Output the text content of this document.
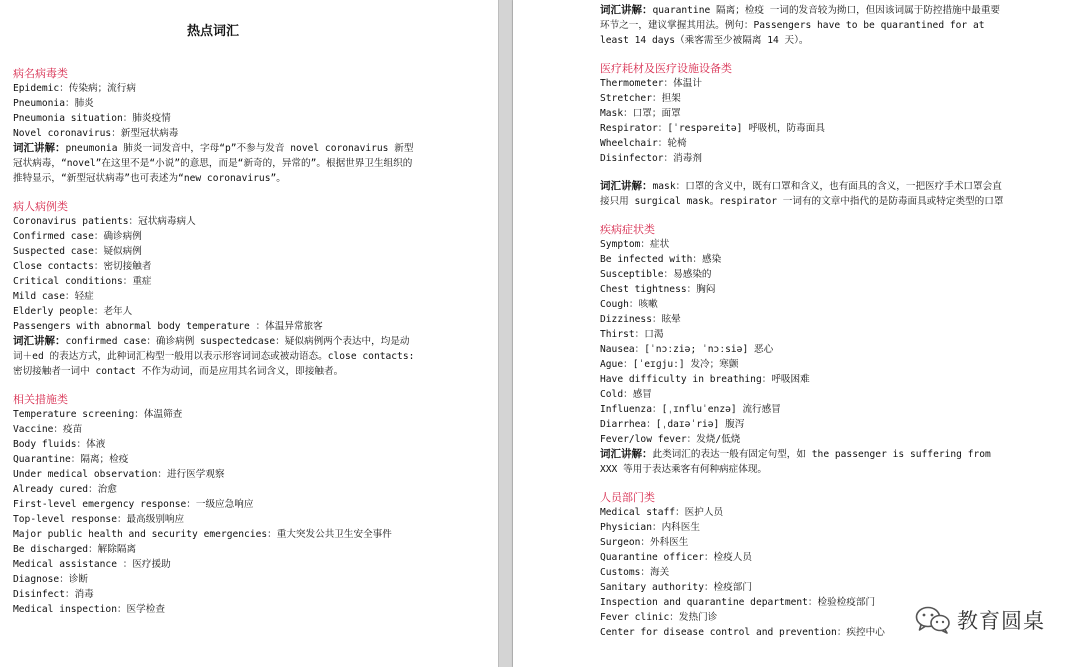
热点词汇
病名病毒类
Epidemic：传染病；流行病
Pneumonia：肺炎
Pneumonia situation：肺炎疫情
Novel coronavirus：新型冠状病毒
词汇讲解：pneumonia 肺炎一词发音中，字母“p”不参与发音 novel coronavirus 新型冠状病毒，“novel”在这里不是“小说”的意思，而是“新奇的，异常的”。根据世界卫生组织的推特显示，“新型冠状病毒”也可表述为“new coronavirus”。
病人病例类
Coronavirus patients：冠状病毒病人
Confirmed case：确诊病例
Suspected case：疑似病例
Close contacts：密切接触者
Critical conditions：重症
Mild case：轻症
Elderly people：老年人
Passengers with abnormal body temperature ：体温异常旅客
词汇讲解：confirmed case：确诊病例 suspectedcase：疑似病例两个表达中，均是动词＋ed 的表达方式，此种词汇构型一般用以表示形容词词态或被动语态。close contacts:密切接触者一词中 contact 不作为动词，而是应用其名词含义，即接触者。
相关措施类
Temperature screening：体温筛查
Vaccine：疫苗
Body fluids：体液
Quarantine：隔离；检疫
Under medical observation：进行医学观察
Already cured：治愈
First-level emergency response：一级应急响应
Top-level response：最高级别响应
Major public health and security emergencies：重大突发公共卫生安全事件
Be discharged：解除隔离
Medical assistance ：医疗援助
Diagnose：诊断
Disinfect：消毒
Medical inspection：医学检查
词汇讲解：quarantine 隔离；检疫 一词的发音较为拗口，但因该词属于防控措施中最重要环节之一，建议掌握其用法。例句：Passengers have to be quarantined for at least 14 days（乘客需至少被隔离 14 天）。
医疗耗材及医疗设施设备类
Thermometer：体温计
Stretcher：担架
Mask：口罩；面罩
Respirator：[ˈrespəreitə] 呼吸机，防毒面具
Wheelchair：轮椅
Disinfector：消毒剂
词汇讲解：mask：口罩的含义中，既有口罩和含义，也有面具的含义，一把医疗手术口罩会直接只用 surgical mask。respirator 一词有的文章中指代的是防毒面具或特定类型的口罩
疾病症状类
Symptom：症状
Be infected with：感染
Susceptible：易感染的
Chest tightness：胸闷
Cough：咳嗽
Dizziness：眩晕
Thirst：口渴
Nausea：[ˈnɔːziə; ˈnɔːsiə] 恶心
Ague：[ˈeɪɡjuː] 发冷；寒颤
Have difficulty in breathing：呼吸困难
Cold：感冒
Influenza：[ˌɪnfluˈenzə] 流行感冒
Diarrhea：[ˌdaɪəˈriə] 腹泻
Fever/low fever：发烧/低烧
词汇讲解：此类词汇的表达一般有固定句型，如 the passenger is suffering from XXX 等用于表达乘客有何种病症体现。
人员部门类
Medical staff：医护人员
Physician：内科医生
Surgeon：外科医生
Quarantine officer：检疫人员
Customs：海关
Sanitary authority：检疫部门
Inspection and quarantine department：检验检疫部门
Fever clinic：发热门诊
Center for disease control and prevention：疾控中心	教育圆桌
